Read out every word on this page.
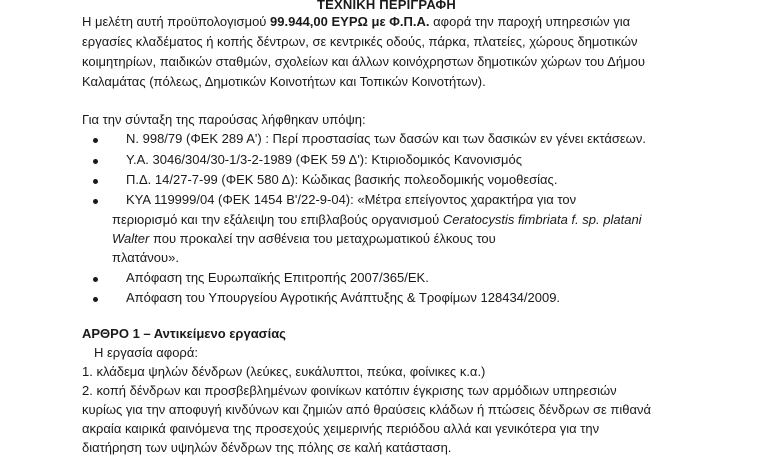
ΤΕΧΝΙΚΗ ΠΕΡΙΓΡΑΦΗ
Η μελέτη αυτή προϋπολογισμού 99.944,00 ΕΥΡΩ με Φ.Π.Α. αφορά την παροχή υπηρεσιών για
εργασίες κλαδέματος ή κοπής δέντρων, σε κεντρικές οδούς, πάρκα, πλατείες, χώρους δημοτικών
κοιμητηρίων, παιδικών σταθμών, σχολείων και άλλων κοινόχρηστων δημοτικών χώρων του Δήμου
Καλαμάτας (πόλεως, Δημοτικών Κοινοτήτων και Τοπικών Κοινοτήτων).
Για την σύνταξη της παρούσας λήφθηκαν υπόψη:
Ν. 998/79 (ΦΕΚ 289 Α') : Περί προστασίας των δασών και των δασικών εν γένει εκτάσεων.
Υ.Α. 3046/304/30-1/3-2-1989 (ΦΕΚ 59 Δ'): Κτιριοδομικός Κανονισμός
Π.Δ. 14/27-7-99 (ΦΕΚ 580 Δ): Κώδικας βασικής πολεοδομικής νομοθεσίας.
ΚΥΑ 119999/04 (ΦΕΚ 1454 Β'/22-9-04): «Μέτρα επείγοντος χαρακτήρα για τον
περιορισμό και την εξάλειψη του επιβλαβούς οργανισμού Ceratocystis fimbriata f. sp. platani
Walter που προκαλεί την ασθένεια του μεταχρωματικού έλκους του
πλατάνου».
Απόφαση της Ευρωπαϊκής Επιτροπής 2007/365/ΕΚ.
Απόφαση του Υπουργείου Αγροτικής Ανάπτυξης & Τροφίμων 128434/2009.
ΑΡΘΡΟ 1 – Αντικείμενο εργασίας
Η εργασία αφορά:
1. κλάδεμα ψηλών δένδρων (λεύκες, ευκάλυπτοι, πεύκα, φοίνικες κ.α.)
2. κοπή δένδρων και προσβεβλημένων φοινίκων κατόπιν έγκρισης των αρμόδιων υπηρεσιών
κυρίως για την αποφυγή κινδύνων και ζημιών από θραύσεις κλάδων ή πτώσεις δένδρων σε πιθανά
ακραία καιρικά φαινόμενα της προσεχούς χειμερινής περιόδου αλλά και γενικότερα για την
διατήρηση των υψηλών δένδρων της πόλης σε καλή κατάσταση.
